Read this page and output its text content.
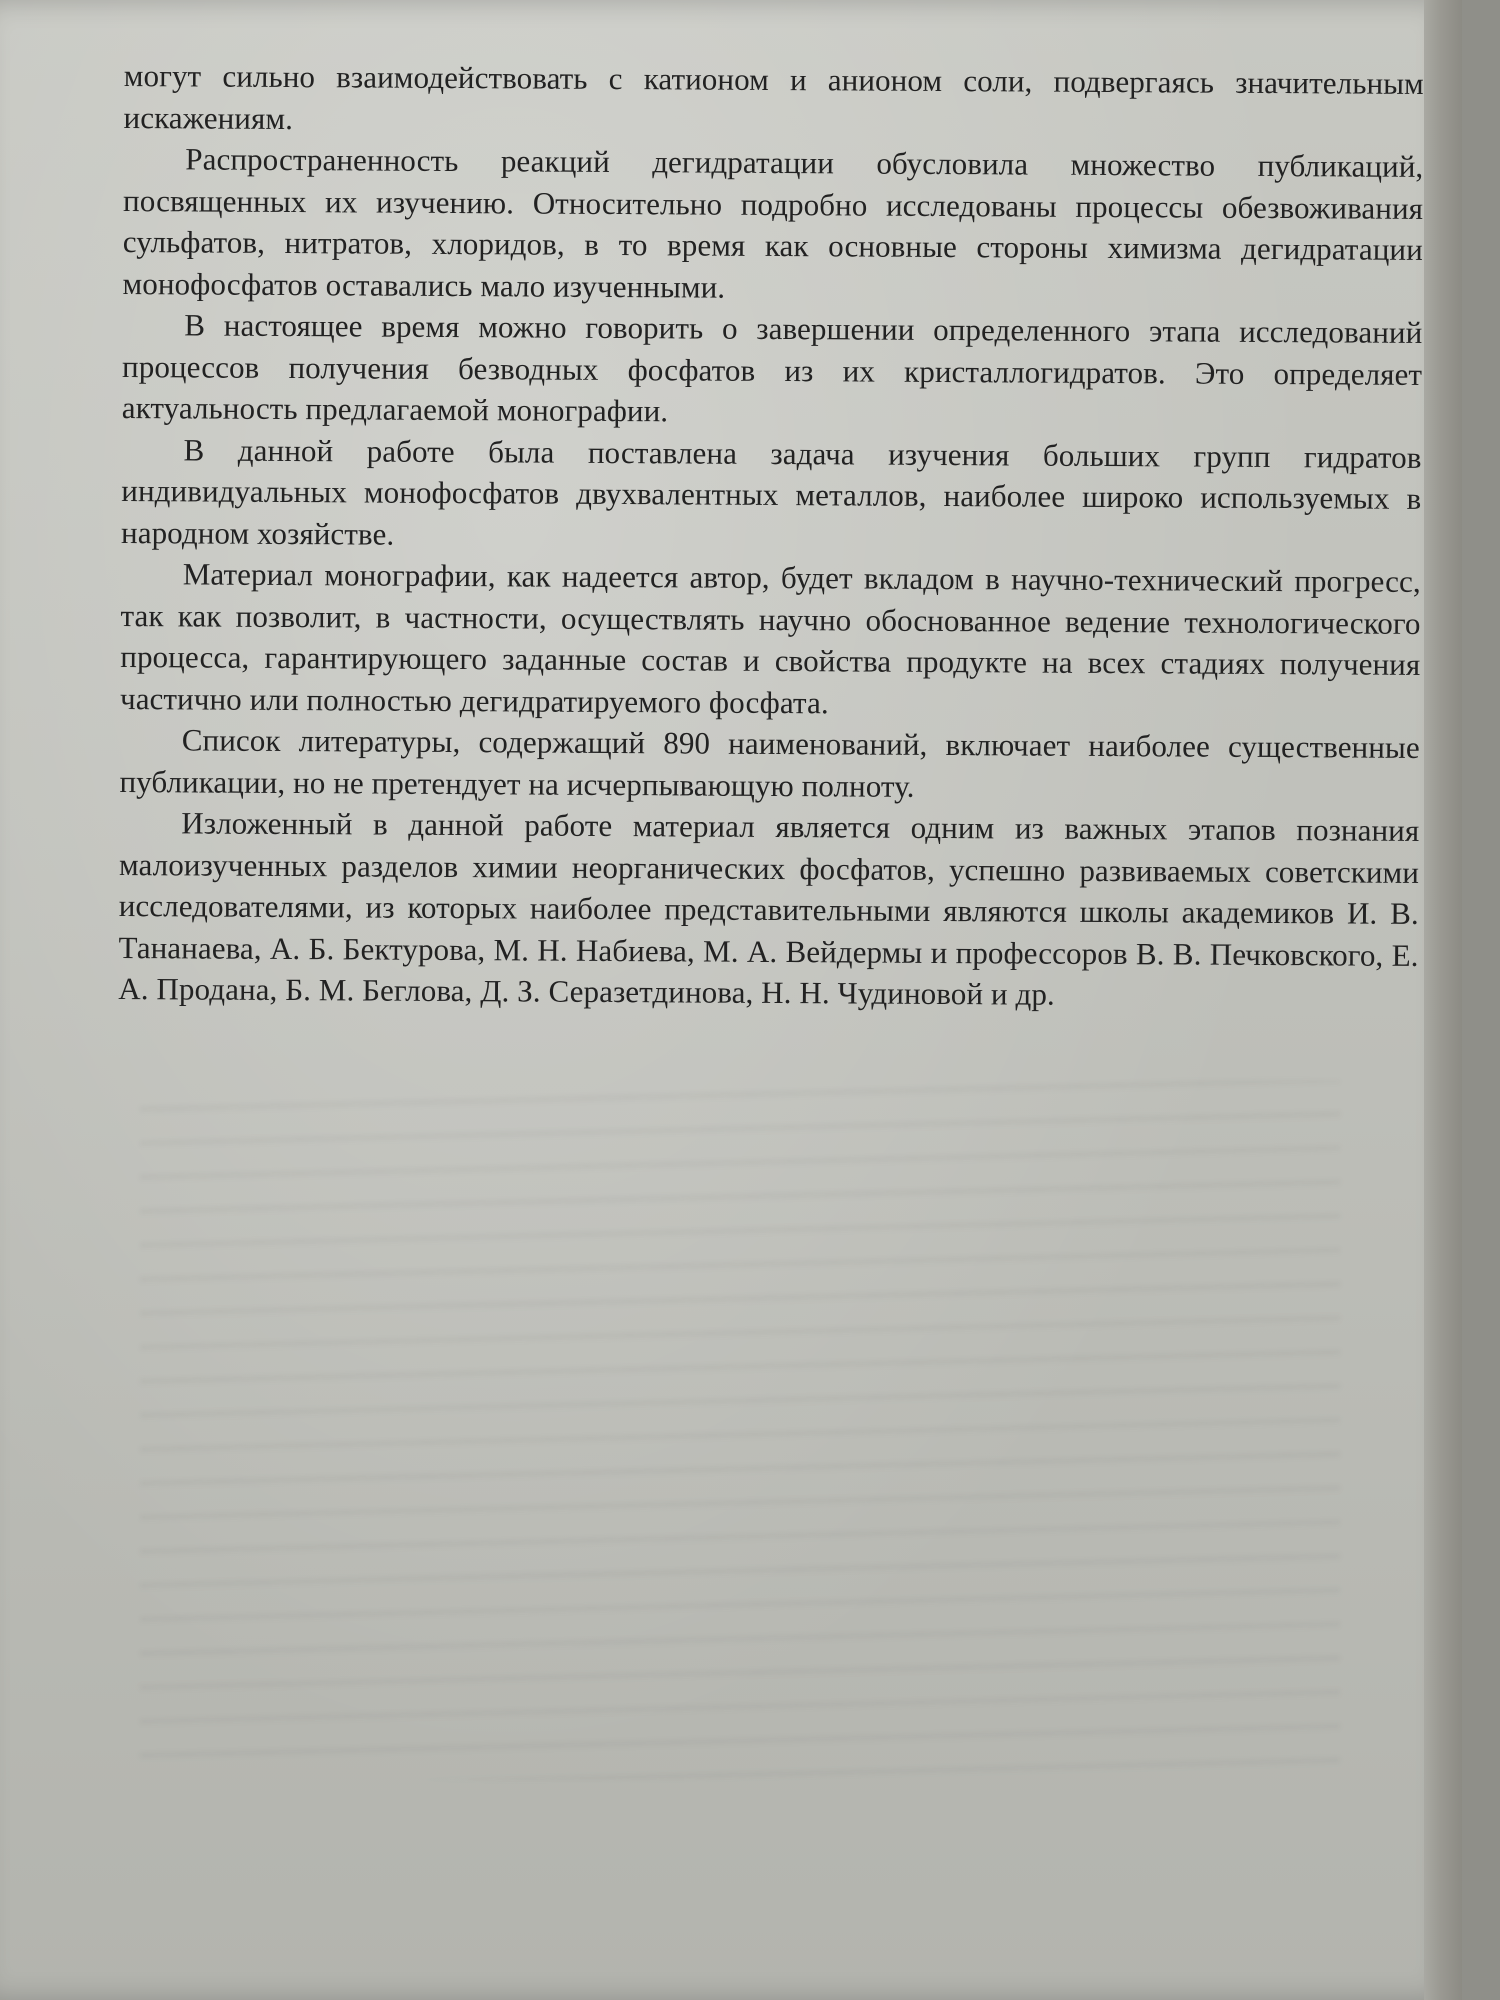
могут сильно взаимодействовать с катионом и анионом соли, подвергаясь значительным искажениям.

Распространенность реакций дегидратации обусловила множество публикаций, посвященных их изучению. Относительно подробно исследованы процессы обезвоживания сульфатов, нитратов, хлоридов, в то время как основные стороны химизма дегидратации монофосфатов оставались мало изученными.

В настоящее время можно говорить о завершении определенного этапа исследований процессов получения безводных фосфатов из их кристаллогидратов. Это определяет актуальность предлагаемой монографии.

В данной работе была поставлена задача изучения больших групп гидратов индивидуальных монофосфатов двухвалентных металлов, наиболее широко используемых в народном хозяйстве.

Материал монографии, как надеется автор, будет вкладом в научно-технический прогресс, так как позволит, в частности, осуществлять научно обоснованное ведение технологического процесса, гарантирующего заданные состав и свойства продукте на всех стадиях получения частично или полностью дегидратируемого фосфата.

Список литературы, содержащий 890 наименований, включает наиболее существенные публикации, но не претендует на исчерпывающую полноту.

Изложенный в данной работе материал является одним из важных этапов познания малоизученных разделов химии неорганических фосфатов, успешно развиваемых советскими исследователями, из которых наиболее представительными являются школы академиков И. В. Тананаева, А. Б. Бектурова, М. Н. Набиева, М. А. Вейдермы и профессоров В. В. Печковского, Е. А. Продана, Б. М. Беглова, Д. З. Серазетдинова, Н. Н. Чудиновой и др.
